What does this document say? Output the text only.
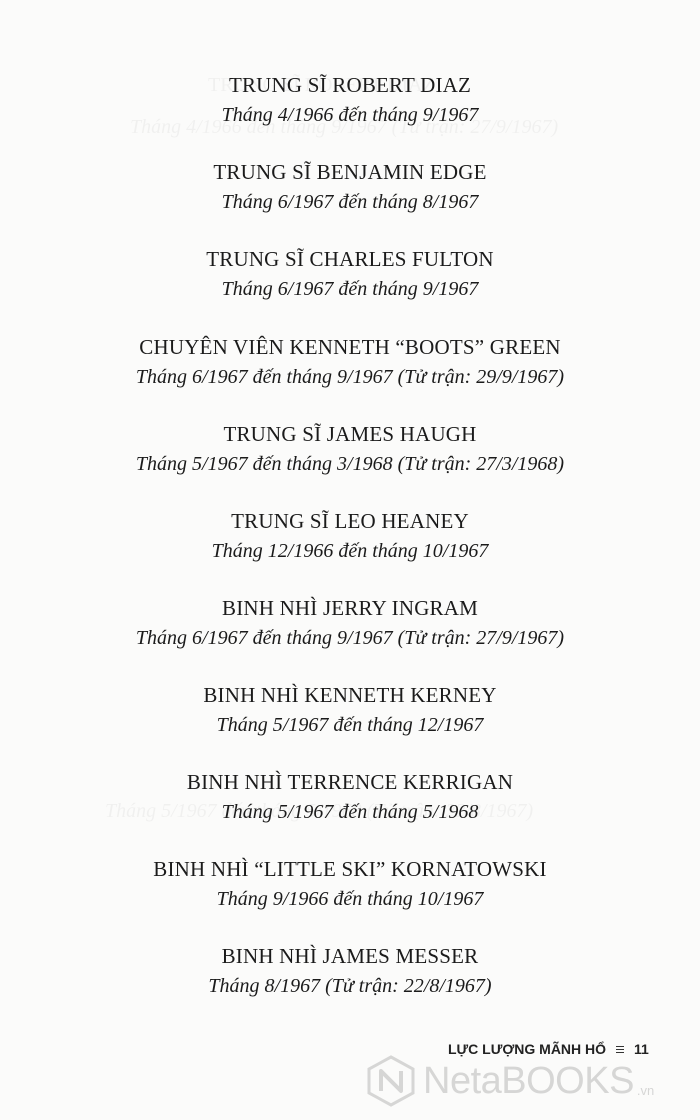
TRUNG SĨ ROBERT DIAZ
Tháng 4/1966 đến tháng 9/1967
TRUNG SĨ BENJAMIN EDGE
Tháng 6/1967 đến tháng 8/1967
TRUNG SĨ CHARLES FULTON
Tháng 6/1967 đến tháng 9/1967
CHUYÊN VIÊN KENNETH “BOOTS” GREEN
Tháng 6/1967 đến tháng 9/1967 (Tử trận: 29/9/1967)
TRUNG SĨ JAMES HAUGH
Tháng 5/1967 đến tháng 3/1968 (Tử trận: 27/3/1968)
TRUNG SĨ LEO HEANEY
Tháng 12/1966 đến tháng 10/1967
BINH NHÌ JERRY INGRAM
Tháng 6/1967 đến tháng 9/1967 (Tử trận: 27/9/1967)
BINH NHÌ KENNETH KERNEY
Tháng 5/1967 đến tháng 12/1967
BINH NHÌ TERRENCE KERRIGAN
Tháng 5/1967 đến tháng 5/1968
BINH NHÌ “LITTLE SKI” KORNATOWSKI
Tháng 9/1966 đến tháng 10/1967
BINH NHÌ JAMES MESSER
Tháng 8/1967 (Tử trận: 22/8/1967)
LỰC LƯỢNG MÃNH HỔ 11
NetaBOOKS .vn
